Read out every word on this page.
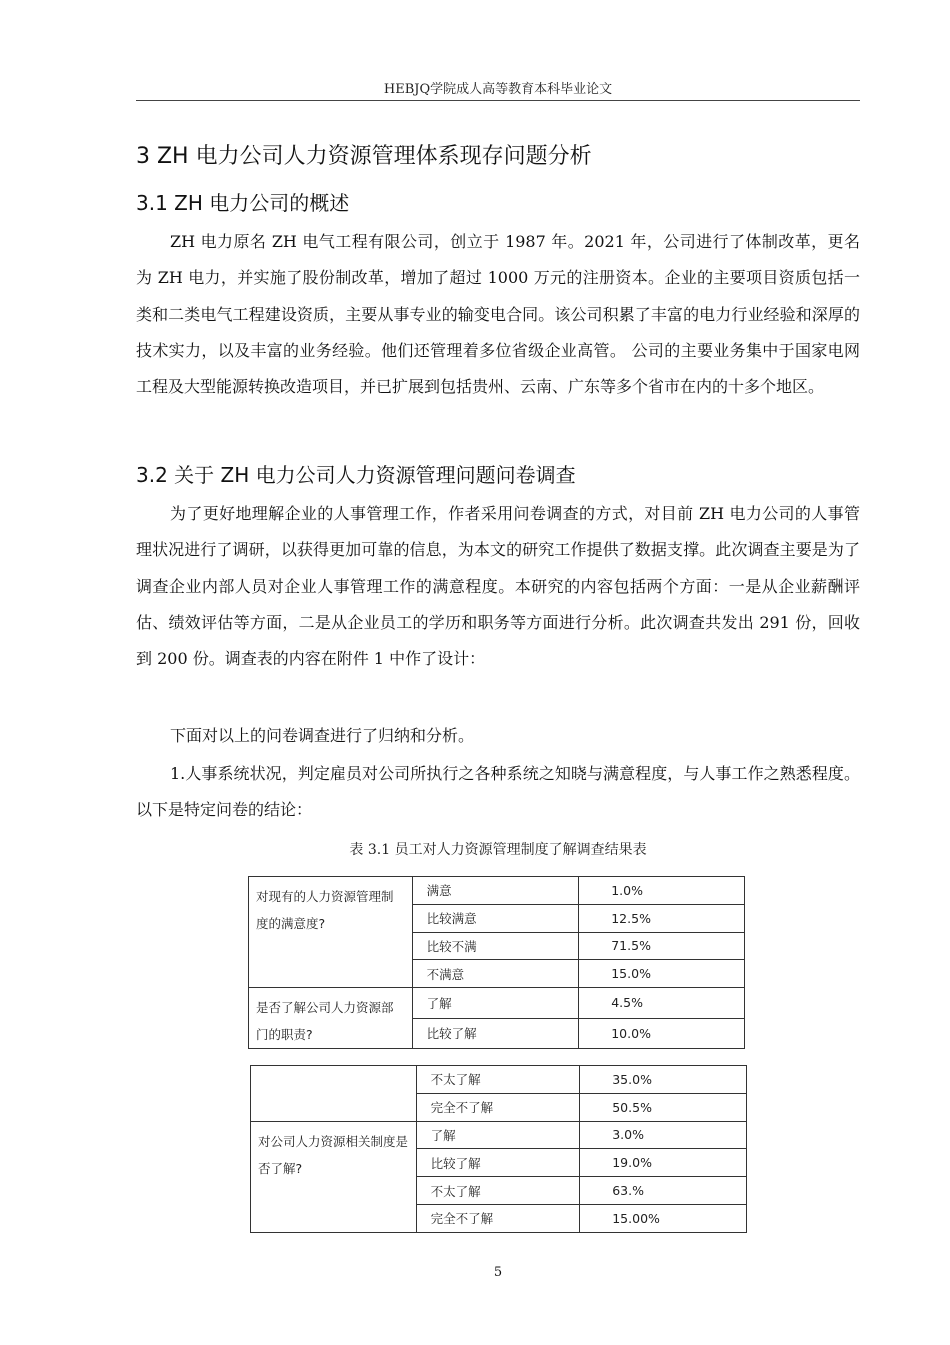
HEBJQ学院成人高等教育本科毕业论文
3 ZH 电力公司人力资源管理体系现存问题分析
3.1 ZH 电力公司的概述

ZH 电力原名 ZH 电气工程有限公司，创立于 1987 年。2021 年，公司进行了体制改革，更名为 ZH 电力，并实施了股份制改革，增加了超过 1000 万元的注册资本。企业的主要项目资质包括一类和二类电气工程建设资质，主要从事专业的输变电合同。该公司积累了丰富的电力行业经验和深厚的技术实力，以及丰富的业务经验。他们还管理着多位省级企业高管。 公司的主要业务集中于国家电网工程及大型能源转换改造项目，并已扩展到包括贵州、云南、广东等多个省市在内的十多个地区。

3.2 关于 ZH 电力公司人力资源管理问题问卷调查

为了更好地理解企业的人事管理工作，作者采用问卷调查的方式，对目前 ZH 电力公司的人事管理状况进行了调研，以获得更加可靠的信息，为本文的研究工作提供了数据支撑。此次调查主要是为了调查企业内部人员对企业人事管理工作的满意程度。本研究的内容包括两个方面：一是从企业薪酬评估、绩效评估等方面，二是从企业员工的学历和职务等方面进行分析。此次调查共发出 291 份，回收到 200 份。调查表的内容在附件 1 中作了设计：

下面对以上的问卷调查进行了归纳和分析。

1.人事系统状况，判定雇员对公司所执行之各种系统之知晓与满意程度，与人事工作之熟悉程度。以下是特定问卷的结论：

表 3.1 员工对人力资源管理制度了解调查结果表
对现有的人力资源管理制度的满意度?	满意	1.0%
	比较满意	12.5%
	比较不满	71.5%
	不满意	15.0%
是否了解公司人力资源部门的职责?	了解	4.5%
	比较了解	10.0%
	不太了解	35.0%
	完全不了解	50.5%
对公司人力资源相关制度是否了解?	了解	3.0%
	比较了解	19.0%
	不太了解	63.%
	完全不了解	15.00%
5
